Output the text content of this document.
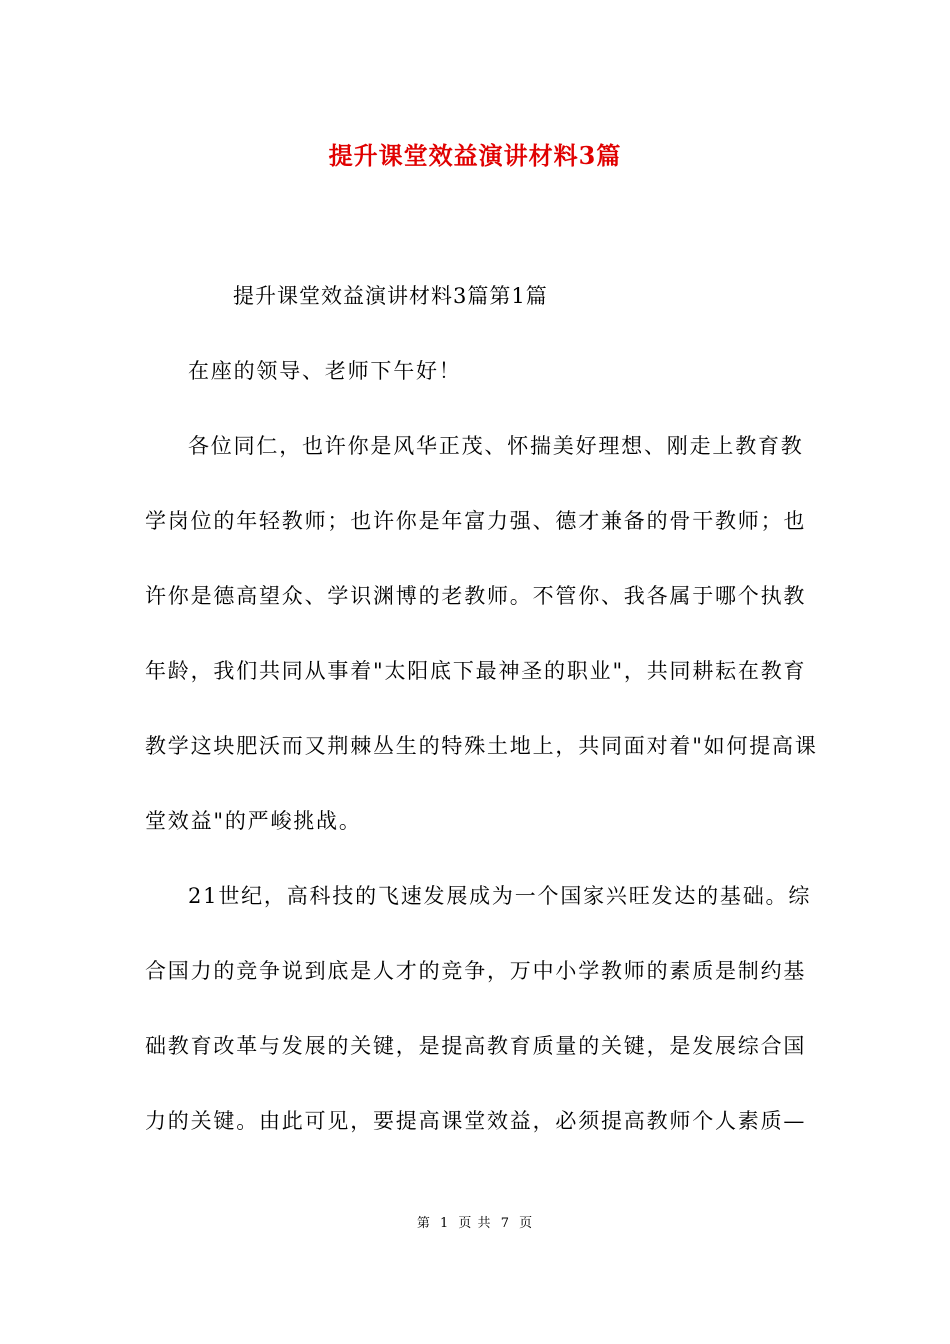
提升课堂效益演讲材料3篇
提升课堂效益演讲材料3篇第1篇
在座的领导、老师下午好！
各位同仁，也许你是风华正茂、怀揣美好理想、刚走上教育教
学岗位的年轻教师；也许你是年富力强、德才兼备的骨干教师；也
许你是德高望众、学识渊博的老教师。不管你、我各属于哪个执教
年龄，我们共同从事着"太阳底下最神圣的职业"，共同耕耘在教育
教学这块肥沃而又荆棘丛生的特殊土地上，共同面对着"如何提高课
堂效益"的严峻挑战。
21世纪，高科技的飞速发展成为一个国家兴旺发达的基础。综
合国力的竞争说到底是人才的竞争，万中小学教师的素质是制约基
础教育改革与发展的关键，是提高教育质量的关键，是发展综合国
力的关键。由此可见，要提高课堂效益，必须提高教师个人素质—
第 1 页 共 7 页
